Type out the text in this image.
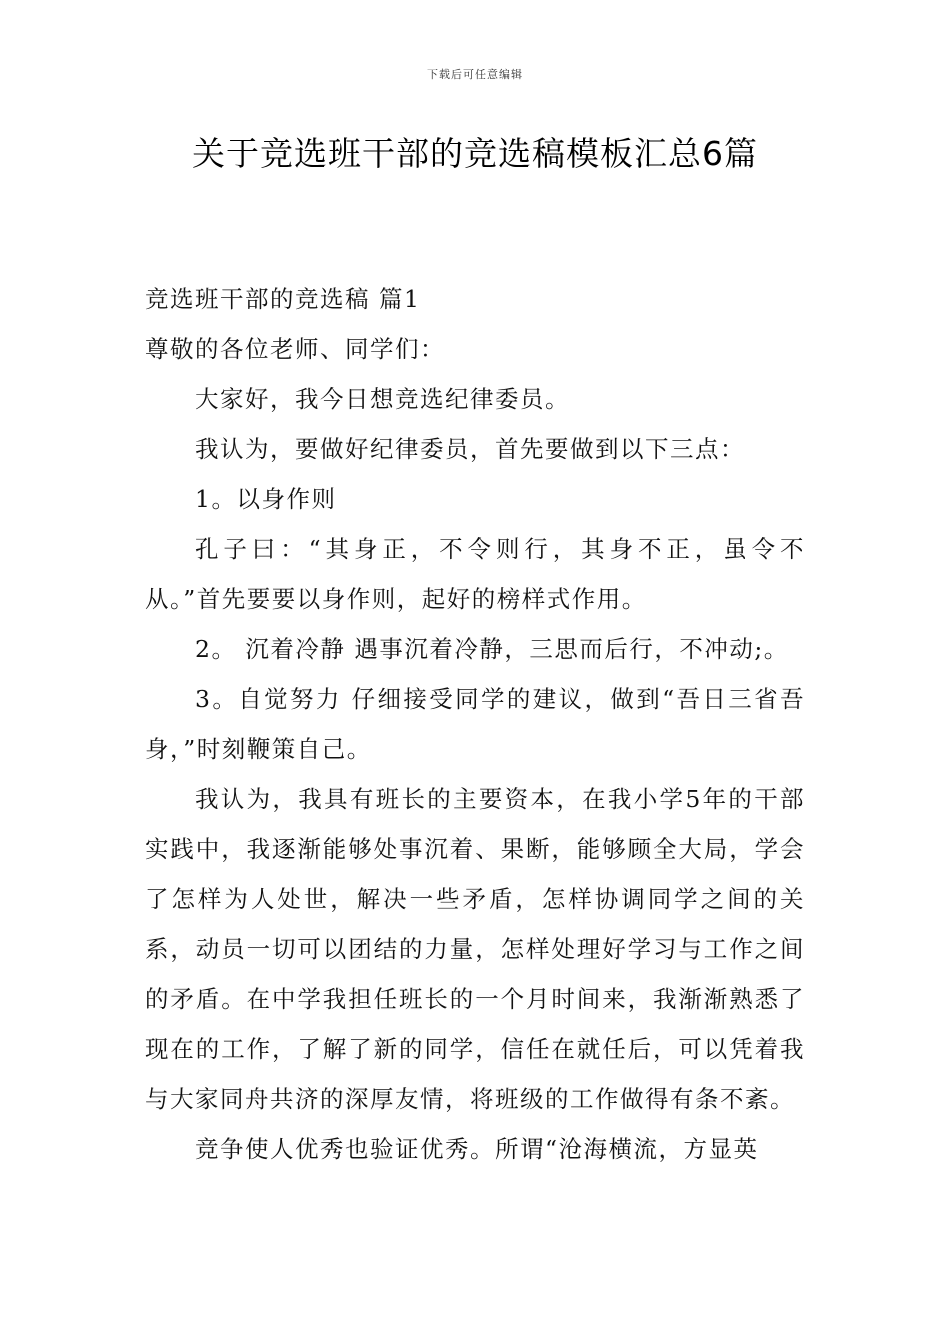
下载后可任意编辑
关于竞选班干部的竞选稿模板汇总6篇

竞选班干部的竞选稿 篇1

尊敬的各位老师、同学们：

大家好，我今日想竞选纪律委员。

我认为，要做好纪律委员，首先要做到以下三点：

1。以身作则

孔子曰：“其身正，不令则行，其身不正，虽令不从。”首先要要以身作则，起好的榜样式作用。

2。 沉着冷静 遇事沉着冷静，三思而后行，不冲动;。

3。自觉努力 仔细接受同学的建议，做到“吾日三省吾身，”时刻鞭策自己。

我认为，我具有班长的主要资本，在我小学5年的干部实践中，我逐渐能够处事沉着、果断，能够顾全大局，学会了怎样为人处世，解决一些矛盾，怎样协调同学之间的关系，动员一切可以团结的力量，怎样处理好学习与工作之间的矛盾。在中学我担任班长的一个月时间来，我渐渐熟悉了现在的工作，了解了新的同学，信任在就任后，可以凭着我与大家同舟共济的深厚友情，将班级的工作做得有条不紊。

竞争使人优秀也验证优秀。所谓“沧海横流，方显英
